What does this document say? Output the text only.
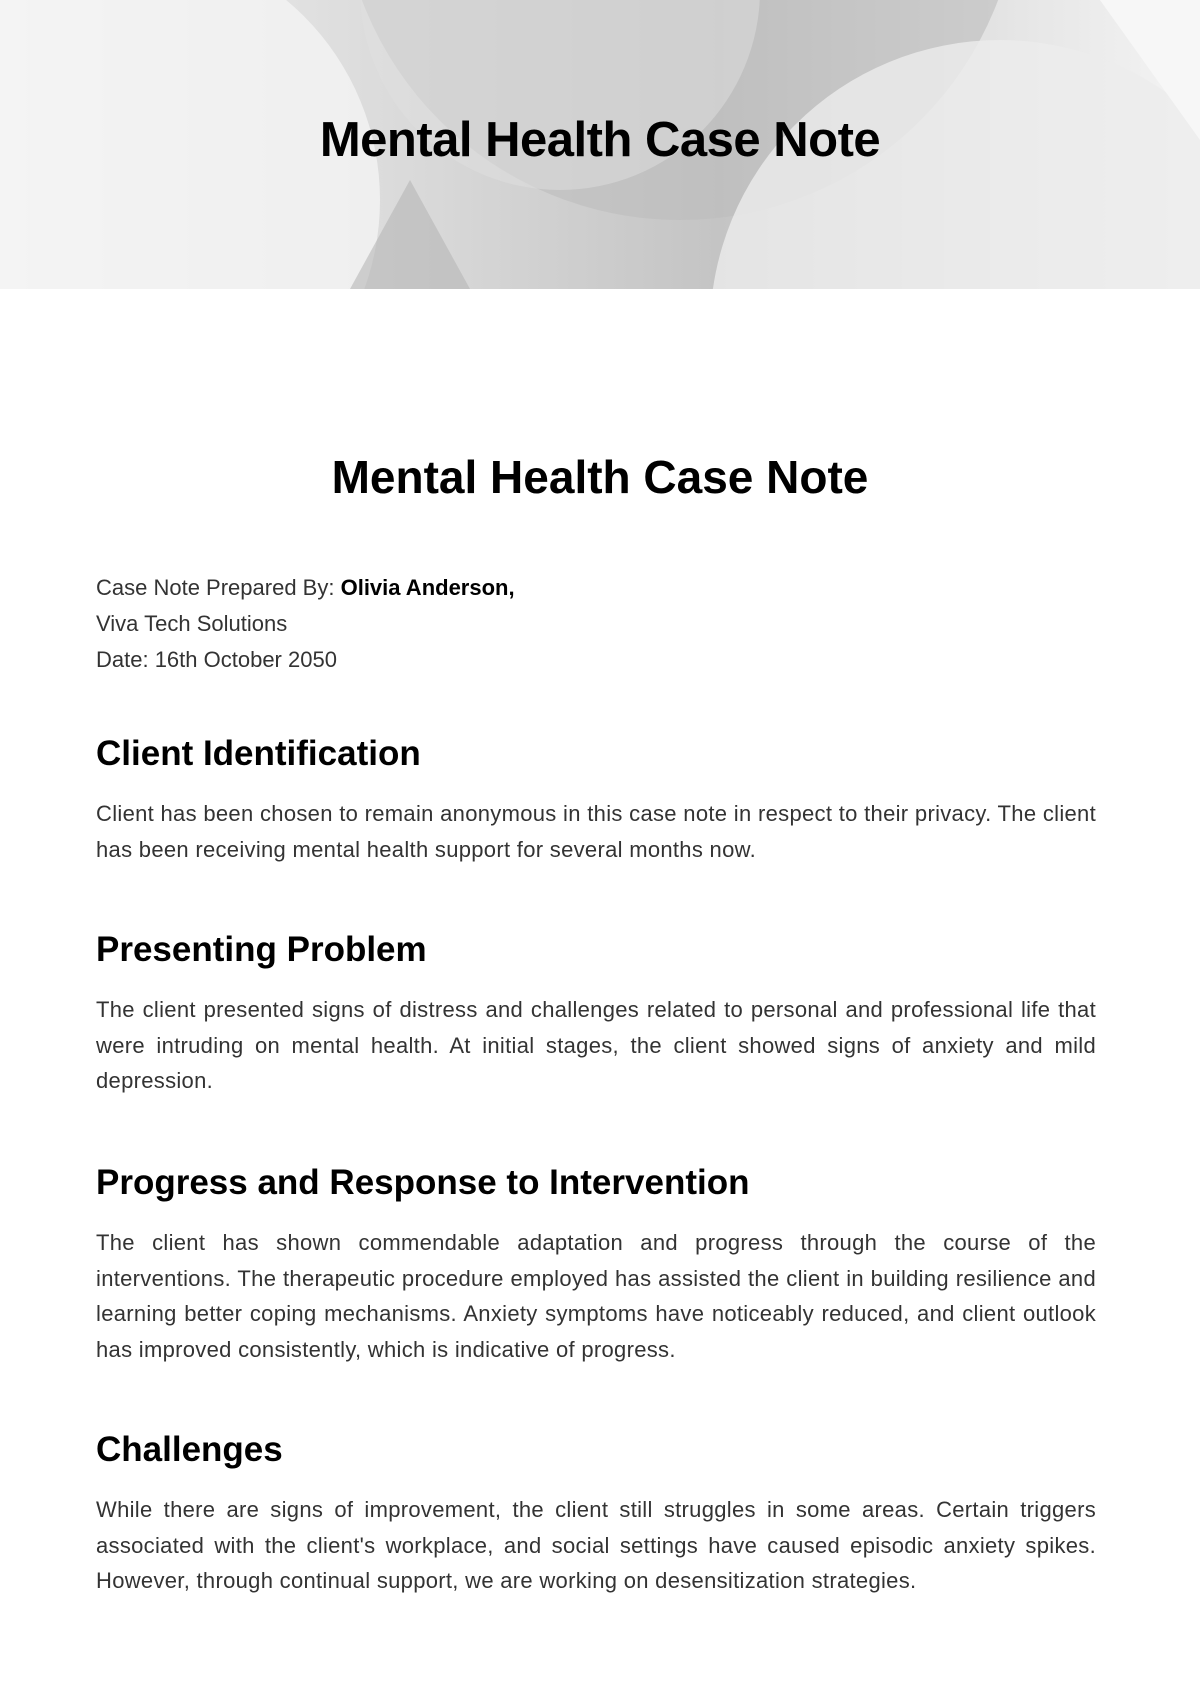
Mental Health Case Note
Mental Health Case Note
Case Note Prepared By: Olivia Anderson,
Viva Tech Solutions
Date: 16th October 2050
Client Identification

Client has been chosen to remain anonymous in this case note in respect to their privacy. The client has been receiving mental health support for several months now.

Presenting Problem

The client presented signs of distress and challenges related to personal and professional life that were intruding on mental health. At initial stages, the client showed signs of anxiety and mild depression.

Progress and Response to Intervention

The client has shown commendable adaptation and progress through the course of the interventions. The therapeutic procedure employed has assisted the client in building resilience and learning better coping mechanisms. Anxiety symptoms have noticeably reduced, and client outlook has improved consistently, which is indicative of progress.

Challenges

While there are signs of improvement, the client still struggles in some areas. Certain triggers associated with the client's workplace, and social settings have caused episodic anxiety spikes. However, through continual support, we are working on desensitization strategies.
